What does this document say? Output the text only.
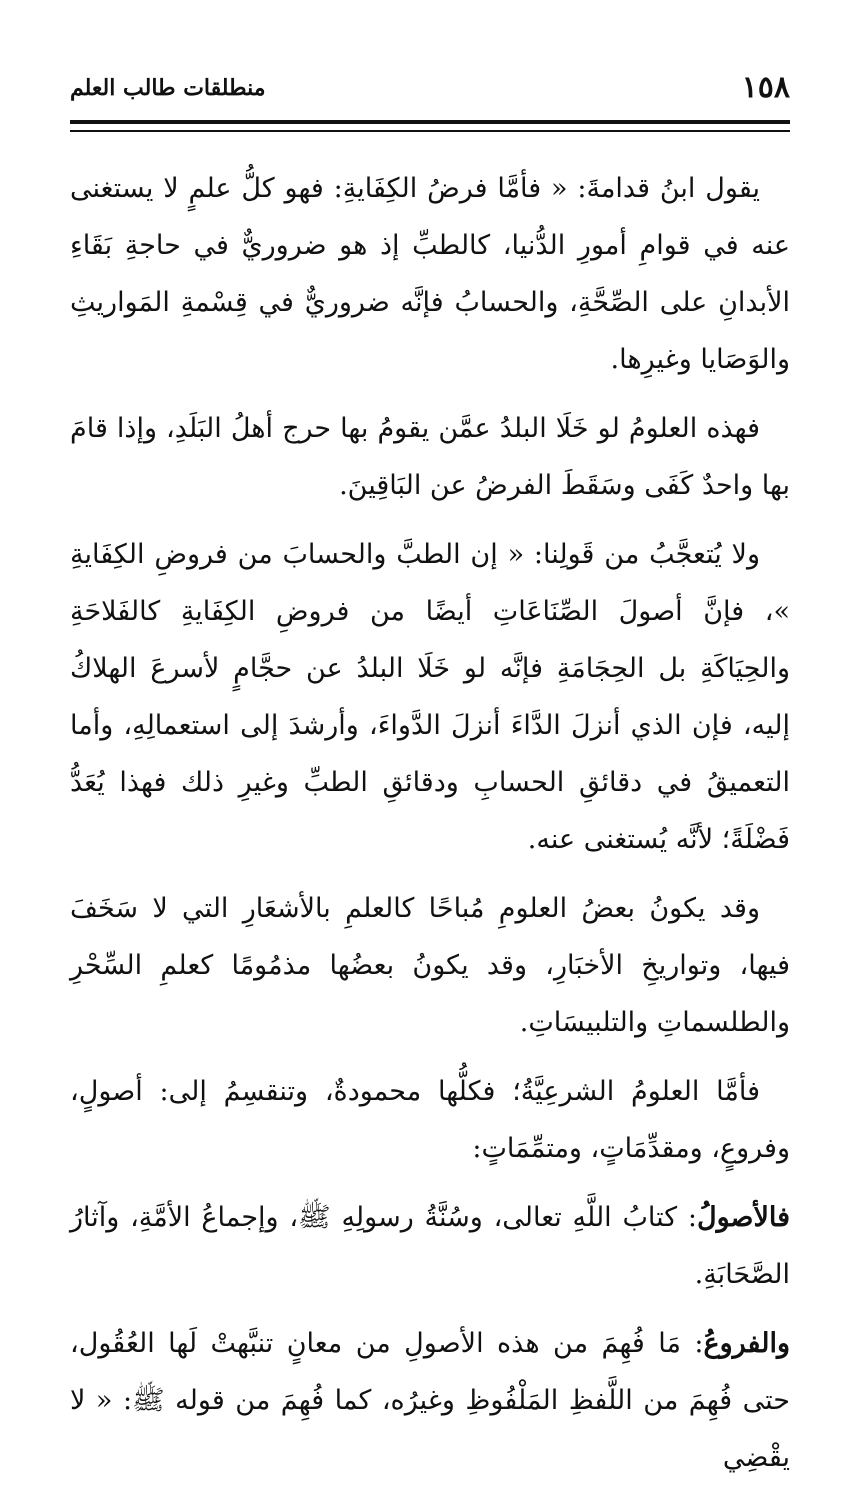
١٥٨
منطلقات طالب العلم

يقول ابنُ قدامةَ: « فأمَّا فرضُ الكِفَايةِ: فهو كلُّ علمٍ لا يستغنى عنه في قوامِ أمورِ الدُّنيا، كالطبِّ إذ هو ضروريٌّ في حاجةِ بَقَاءِ الأبدانِ على الصِّحَّةِ، والحسابُ فإنَّه ضروريٌّ في قِسْمةِ المَواريثِ والوَصَايا وغيرِها.

فهذه العلومُ لو خَلَا البلدُ عمَّن يقومُ بها حرج أهلُ البَلَدِ، وإذا قامَ بها واحدٌ كَفَى وسَقَطَ الفرضُ عن البَاقِينَ.

ولا يُتعجَّبُ من قَولِنا: « إن الطبَّ والحسابَ من فروضِ الكِفَايةِ »، فإنَّ أصولَ الصِّنَاعَاتِ أيضًا من فروضِ الكِفَايةِ كالفَلاحَةِ والحِيَاكَةِ بل الحِجَامَةِ فإنَّه لو خَلَا البلدُ عن حجَّامٍ لأسرعَ الهلاكُ إليه، فإن الذي أنزلَ الدَّاءَ أنزلَ الدَّواءَ، وأرشدَ إلى استعمالِهِ، وأما التعميقُ في دقائقِ الحسابِ ودقائقِ الطبِّ وغيرِ ذلك فهذا يُعَدُّ فَضْلَةً؛ لأنَّه يُستغنى عنه.

وقد يكونُ بعضُ العلومِ مُباحًا كالعلمِ بالأشعَارِ التي لا سَخَفَ فيها، وتواريخِ الأخبَارِ، وقد يكونُ بعضُها مذمُومًا كعلمِ السِّحْرِ والطلسماتِ والتلبيسَاتِ.

فأمَّا العلومُ الشرعِيَّةُ؛ فكلُّها محمودةٌ، وتنقسِمُ إلى: أصولٍ، وفروعٍ، ومقدِّمَاتٍ، ومتمِّمَاتٍ:

فالأصولُ: كتابُ اللَّهِ تعالى، وسُنَّةُ رسولِهِ ﷺ، وإجماعُ الأمَّةِ، وآثارُ الصَّحَابَةِ.

والفروعُ: مَا فُهِمَ من هذه الأصولِ من معانٍ تنبَّهتْ لَها العُقُول، حتى فُهِمَ من اللَّفظِ المَلْفُوظِ وغيرُه، كما فُهِمَ من قوله ﷺ: « لا يقْضِي
